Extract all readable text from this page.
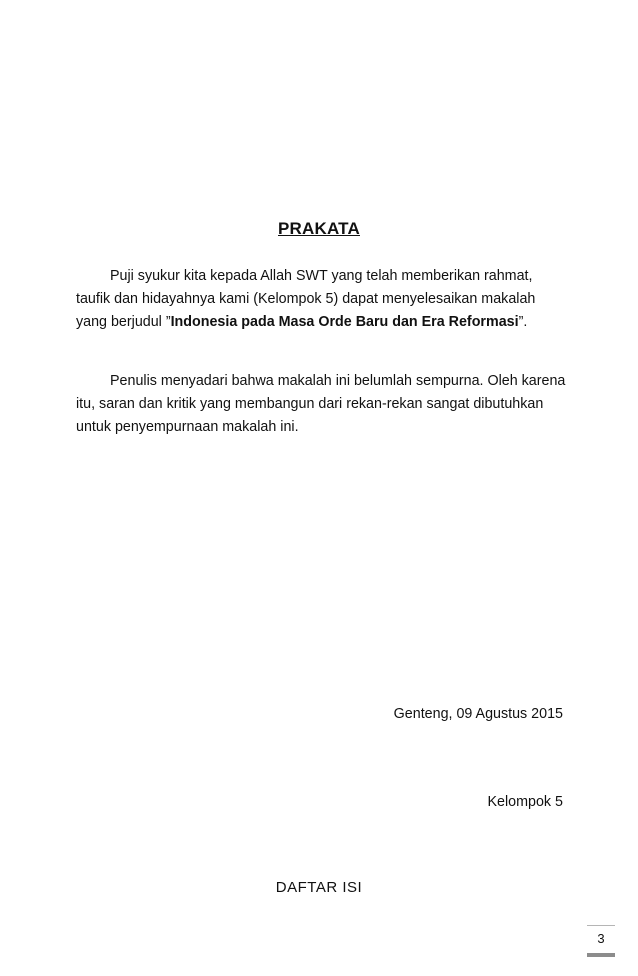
PRAKATA

Puji syukur kita kepada Allah SWT yang telah memberikan rahmat, taufik dan hidayahnya kami (Kelompok 5) dapat menyelesaikan makalah yang berjudul ”Indonesia pada Masa Orde Baru dan Era Reformasi”.

Penulis menyadari bahwa makalah ini belumlah sempurna. Oleh karena itu, saran dan kritik yang membangun dari rekan-rekan sangat dibutuhkan untuk penyempurnaan makalah ini.

Genteng, 09 Agustus 2015
Kelompok 5
DAFTAR ISI
3
